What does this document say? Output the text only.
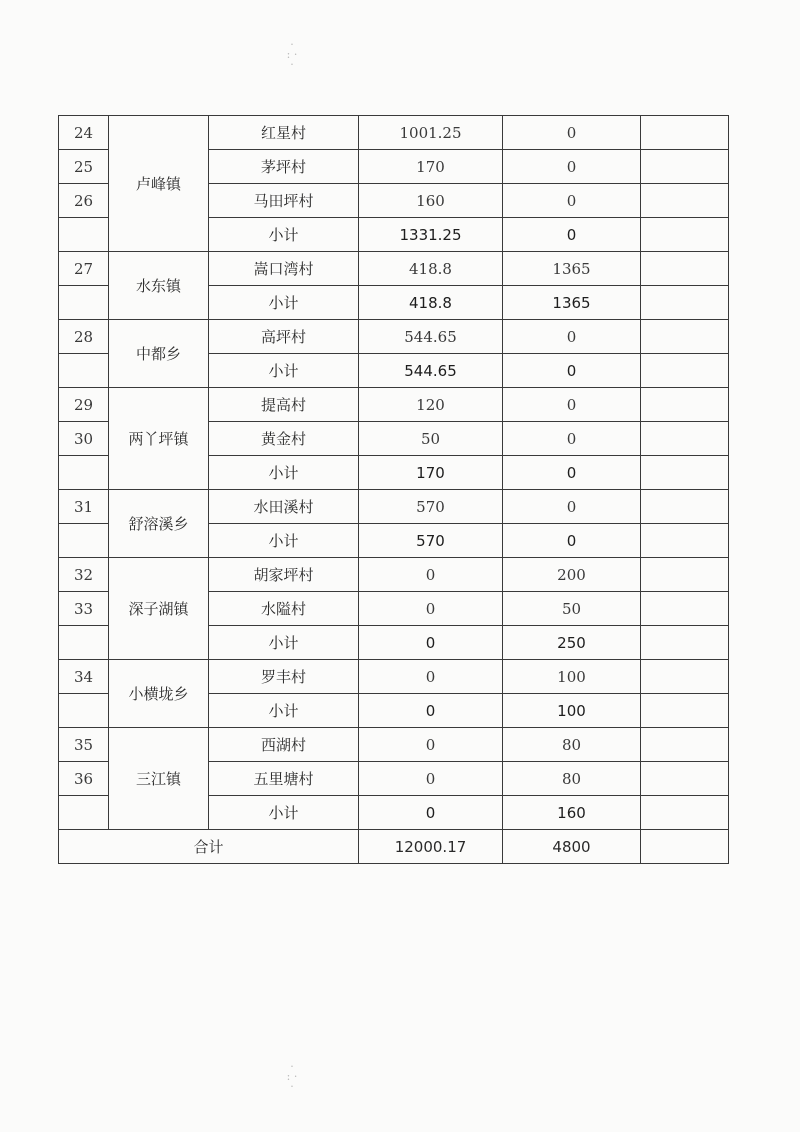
·
: ·
·
·
: ·
·
24	卢峰镇	红星村	1001.25	0	
25		茅坪村	170	0	
26		马田坪村	160	0	
		小计	1331.25	0	
27	水东镇	嵩口湾村	418.8	1365	
		小计	418.8	1365	
28	中都乡	高坪村	544.65	0	
		小计	544.65	0	
29	两丫坪镇	提高村	120	0	
30		黄金村	50	0	
		小计	170	0	
31	舒溶溪乡	水田溪村	570	0	
		小计	570	0	
32	深子湖镇	胡家坪村	0	200	
33		水隘村	0	50	
		小计	0	250	
34	小横垅乡	罗丰村	0	100	
		小计	0	100	
35	三江镇	西湖村	0	80	
36		五里塘村	0	80	
		小计	0	160	
合计			12000.17	4800	
